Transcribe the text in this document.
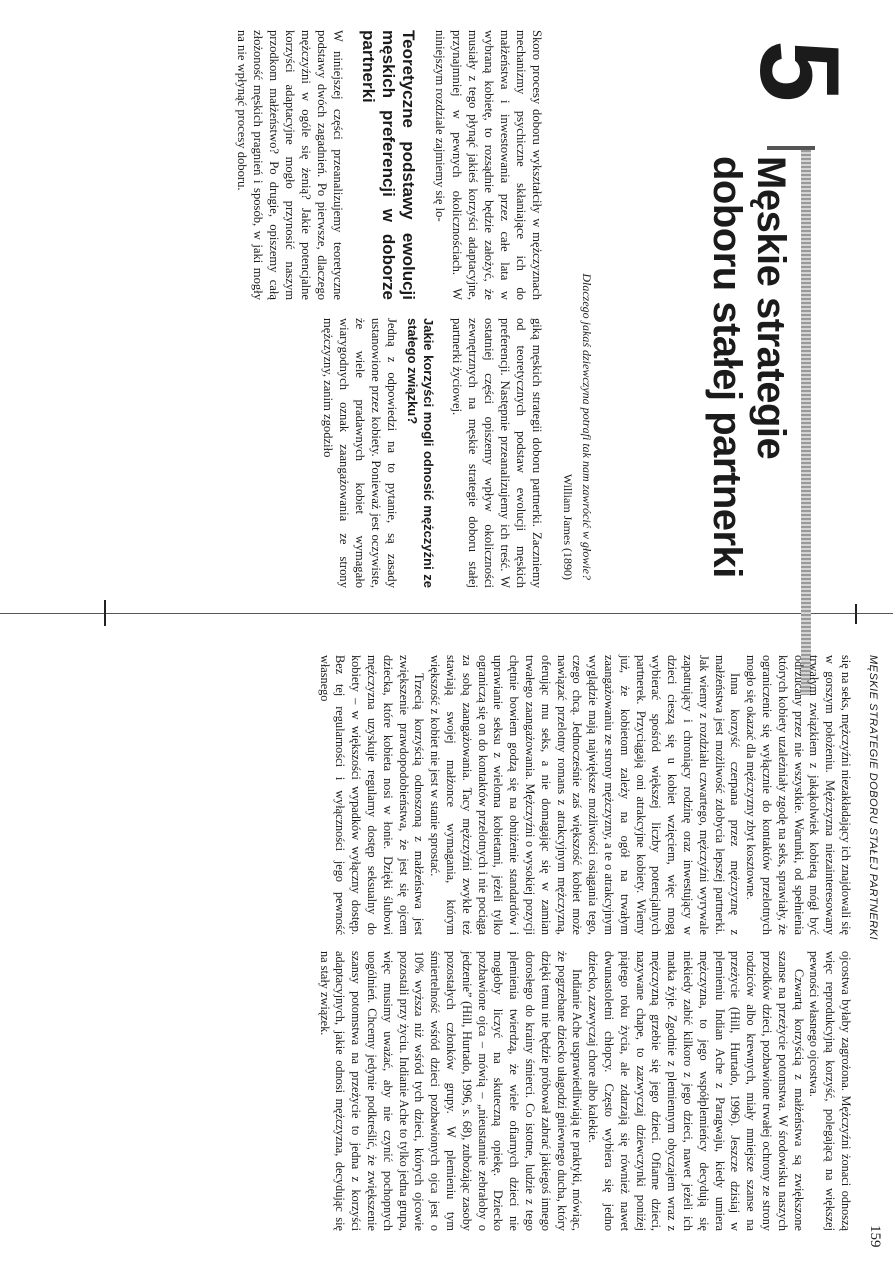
5
Męskie strategie doboru stałej partnerki
Dlaczego jakaś dziewczyna potrafi tak nam zawrócić w głowie?
William James (1890)

Skoro procesy doboru wykształciły w mężczyznach mechanizmy psychiczne skłaniające ich do małżeństwa i inwestowania przez całe lata w wybraną kobietę, to rozsądnie będzie założyć, że musiały z tego płynąć jakieś korzyści adaptacyjne, przynajmniej w pewnych okolicznościach. W niniejszym rozdziale zajmiemy się lo-

Teoretyczne podstawy ewolucji męskich preferencji w doborze partnerki

W niniejszej części przeanalizujemy teoretyczne podstawy dwóch zagadnień. Po pierwsze, dlaczego mężczyźni w ogóle się żenią? Jakie potencjalne korzyści adaptacyjne mogło przynosić naszym przodkom małżeństwo? Po drugie, opiszemy całą złożoność męskich pragnień i sposób, w jaki mogły na nie wpłynąć procesy doboru.

giką męskich strategii doboru partnerki. Zaczniemy od teoretycznych podstaw ewolucji męskich preferencji. Następnie przeanalizujemy ich treść. W ostatniej części opiszemy wpływ okoliczności zewnętrznych na męskie strategie doboru stałej partnerki życiowej.

Jakie korzyści mogli odnosić mężczyźni ze stałego związku?

Jedną z odpowiedzi na to pytanie, są zasady ustanowione przez kobiety. Ponieważ jest oczywiste, że wiele pradawnych kobiet wymagało wiarygodnych oznak zaangażowania ze strony mężczyzny, zanim zgodziło

MĘSKIE STRATEGIE DOBORU STAŁEJ PARTNERKI
159

się na seks, mężczyźni niezakładający ich znajdowali się w gorszym położeniu. Mężczyzna niezainteresowany trwałym związkiem z jakąkolwiek kobietą mógł być odrzucany przez nie wszystkie. Warunki, od spełnienia których kobiety uzależniały zgodę na seks, sprawiały, że ograniczenie się wyłącznie do kontaktów przelotnych mogło się okazać dla mężczyzny zbyt kosztowne.

Inna korzyść czerpana przez mężczyznę z małżeństwa jest możliwość zdobycia lepszej partnerki. Jak wiemy z rozdziału czwartego, mężczyźni wyrywale zapatrujący i chroniący rodzinę oraz inwestujący w dzieci cieszą się u kobiet wzięciem, więc mogą wybierać spośród większej liczby potencjalnych partnerek. Przyciągają oni atrakcyjne kobiety. Wiemy już, że kobietom zależy na ogół na trwałym zaangażowaniu ze strony mężczyzny, a te o atrakcyjnym wyglądzie mają największe możliwości osiągania tego, czego chcą. Jednocześnie zaś większość kobiet może nawiązać przelotny romans z atrakcyjnym mężczyzną, oferując mu seks, a nie domagając się w zamian trwałego zaangażowania. Mężczyźni o wysokiej pozycji chętnie bowiem godzą się na obniżenie standardów i uprawianie seksu z wieloma kobietami, jeżeli tylko ograniczą się on do kontaktów przelotnych i nie pociąga za sobą zaangażowania. Tacy mężczyźni zwykle też stawiają swojej małżonce wymagania, którym większość z kobiet nie jest w stanie sprostać.

Trzecią korzyścią odnoszoną z małżeństwa jest zwiększenie prawdopodobieństwa, że jest się ojcem dziecka, które kobieta nosi w łonie. Dzięki ślubowi mężczyzna uzyskuje regularny dostęp seksualny do kobiety – w większości wypadków wyłączny dostęp. Bez tej regularności i wyłączności jego pewność własnego

ojcostwa byłaby zagrożona. Mężczyźni żonaci odnoszą więc reprodukcyjną korzyść, polegającą na większej pewności własnego ojcostwa.

Czwartą korzyścią z małżeństwa są zwiększone szanse na przeżycie potomstwa. W środowisku naszych przodków dzieci, pozbawione trwałej ochrony ze strony rodziców albo krewnych, miały mniejsze szanse na przeżycie (Hill, Hurtado, 1996). Jeszcze dzisiaj w plemieniu Indian Ache z Paragwaju, kiedy umiera mężczyzna, to jego współplemieńcy decydują się niekiedy zabić kilkoro z jego dzieci, nawet jeżeli ich matka żyje. Zgodnie z plemiennym obyczajem wraz z mężczyzną grzebie się jego dzieci. Ofiarne dzieci, nazywane chape, to zazwyczaj dziewczynki poniżej piątego roku życia, ale zdarzają się również nawet dwunastoletni chłopcy. Często wybiera się jedno dziecko, zazwyczaj chore albo kalekie.

Indianie Ache usprawiedliwiają te praktyki, mówiąc, że pogrzebane dziecko ułagodzi gniewnego ducha, który dzięki temu nie będzie próbował zabrać jakiegoś innego dorosłego do krainy śmierci. Co istotne, ludzie z tego plemienia twierdzą, że wiele ofiarnych dzieci nie mogłoby liczyć na skuteczną opiekę. Dziecko pozbawione ojca – mówią – „nieustannie zebrałoby o jedzenie” (Hill, Hurtado, 1996, s. 68), zubożając zasoby pozostałych członków grupy. W plemieniu tym śmiertelność wśród dzieci pozbawionych ojca jest o 10% wyższa niż wśród tych dzieci, których ojcowie pozostali przy życiu. Indianie Ache to tylko jedna grupa, więc musimy uważać, aby nie czynić pochopnych uogólnień. Chcemy jedynie podkreślić, że zwiększenie szansy potomstwa na przeżycie to jedna z korzyści adaptacyjnych, jakie odnosi mężczyzna, decydując się na stały związek.
